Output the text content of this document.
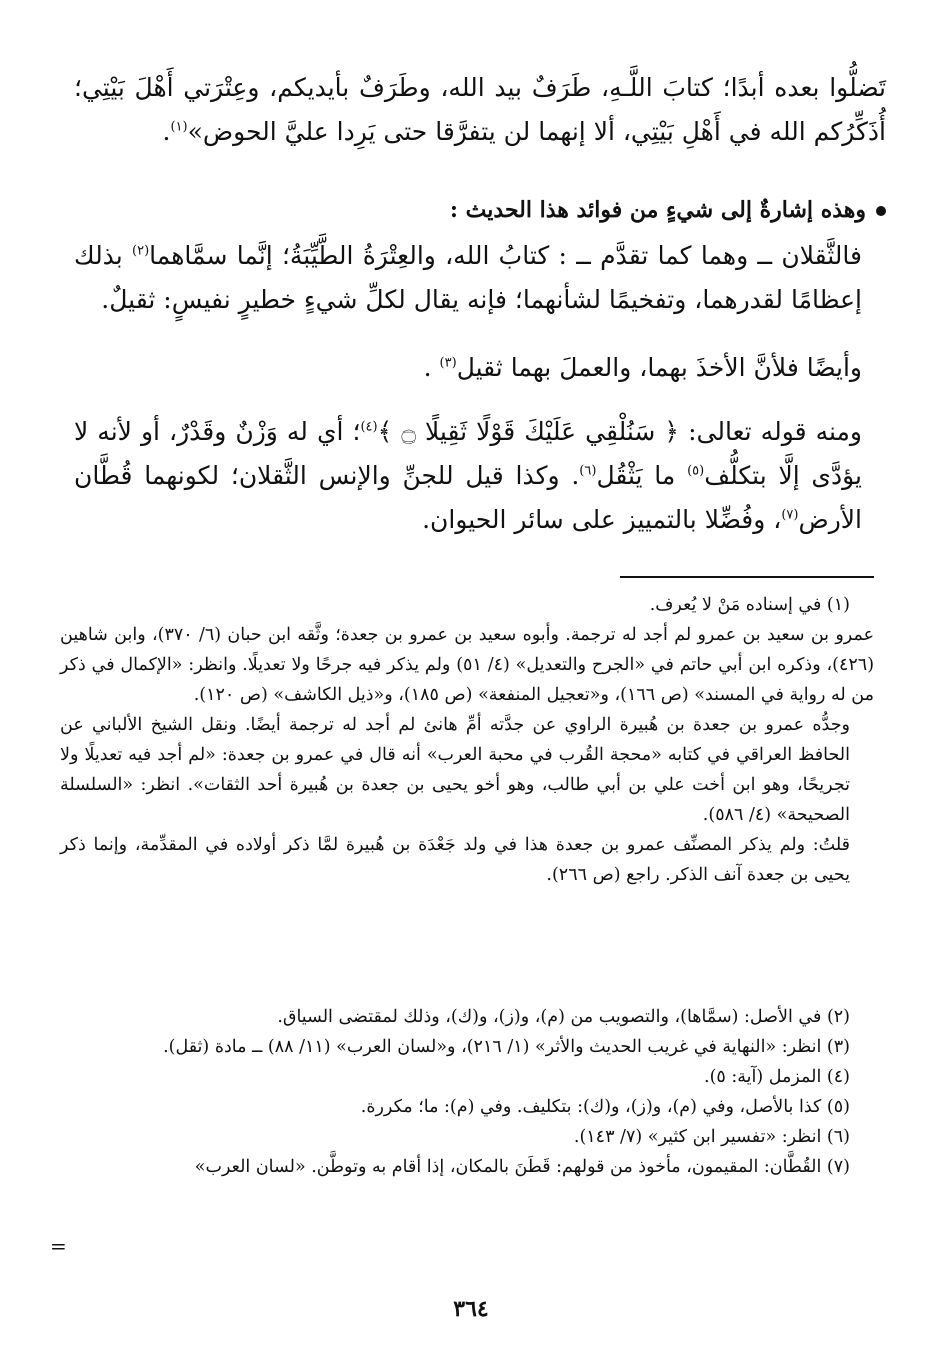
تَضلُّوا بعده أبدًا؛ كتابَ اللَّـهِ، طَرَفٌ بيد الله، وطَرَفٌ بأيديكم، وعِتْرَتي أَهْلَ بَيْتِي؛ أُذَكِّرُكم الله في أَهْلِ بَيْتِي، ألا إنهما لن يتفرَّقا حتى يَرِدا عليَّ الحوض»$^{(١)}$.

وهذه إشارةٌ إلى شيءٍ من فوائد هذا الحديث :

فالثَّقلان ــ وهما كما تقدَّم ــ : كتابُ الله، والعِتْرَةُ الطَّيِّبَةُ؛ إنَّما سمَّاهما$^{(٢)}$ بذلك إعظامًا لقدرهما، وتفخيمًا لشأنهما؛ فإنه يقال لكلِّ شيءٍ خطيرٍ نفيسٍ: ثقيلٌ.

وأيضًا فلأنَّ الأخذَ بهما، والعملَ بهما ثقيل$^{(٣)}$ .

ومنه قوله تعالى: ﴿ سَنُلْقِي عَلَيْكَ قَوْلًا ثَقِيلًا ۝ ﴾$^{(٤)}$؛ أي له وَزْنٌ وقَدْرٌ، أو لأنه لا يؤدَّى إلَّا بتكلُّف$^{(٥)}$ ما يَثْقُل$^{(٦)}$. وكذا قيل للجنِّ والإنس الثَّقلان؛ لكونهما قُطَّان الأرض$^{(٧)}$، وفُضِّلا بالتمييز على سائر الحيوان.

(١) في إسناده مَنْ لا يُعرف.

عمرو بن سعيد بن عمرو لم أجد له ترجمة. وأبوه سعيد بن عمرو بن جعدة؛ وثَّقه ابن حبان (٦/ ٣٧٠)، وابن شاهين (٤٢٦)، وذكره ابن أبي حاتم في «الجرح والتعديل» (٤/ ٥١) ولم يذكر فيه جرحًا ولا تعديلًا. وانظر: «الإكمال في ذكر من له رواية في المسند» (ص ١٦٦)، و«تعجيل المنفعة» (ص ١٨٥)، و«ذيل الكاشف» (ص ١٢٠).

وجدُّه عمرو بن جعدة بن هُبيرة الراوي عن جدَّته أمِّ هانئ لم أجد له ترجمة أيضًا. ونقل الشيخ الألباني عن الحافظ العراقي في كتابه «محجة القُرب في محبة العرب» أنه قال في عمرو بن جعدة: «لم أجد فيه تعديلًا ولا تجريحًا، وهو ابن أخت علي بن أبي طالب، وهو أخو يحيى بن جعدة بن هُبيرة أحد الثقات». انظر: «السلسلة الصحيحة» (٤/ ٥٨٦).

قلتُ: ولم يذكر المصنِّف عمرو بن جعدة هذا في ولد جَعْدَة بن هُبيرة لمَّا ذكر أولاده في المقدِّمة، وإنما ذكر يحيى بن جعدة آنف الذكر. راجع (ص ٢٦٦).

(٢) في الأصل: (سمَّاها)، والتصويب من (م)، و(ز)، و(ك)، وذلك لمقتضى السياق.

(٣) انظر: «النهاية في غريب الحديث والأثر» (١/ ٢١٦)، و«لسان العرب» (١١/ ٨٨) ــ مادة (ثقل).

(٤) المزمل (آية: ٥).

(٥) كذا بالأصل، وفي (م)، و(ز)، و(ك): بتكليف. وفي (م): ما؛ مكررة.

(٦) انظر: «تفسير ابن كثير» (٧/ ١٤٣).

(٧) القُطَّان: المقيمون، مأخوذ من قولهم: قَطَنَ بالمكان، إذا أقام به وتوطَّن. «لسان العرب»

=
٣٦٤
